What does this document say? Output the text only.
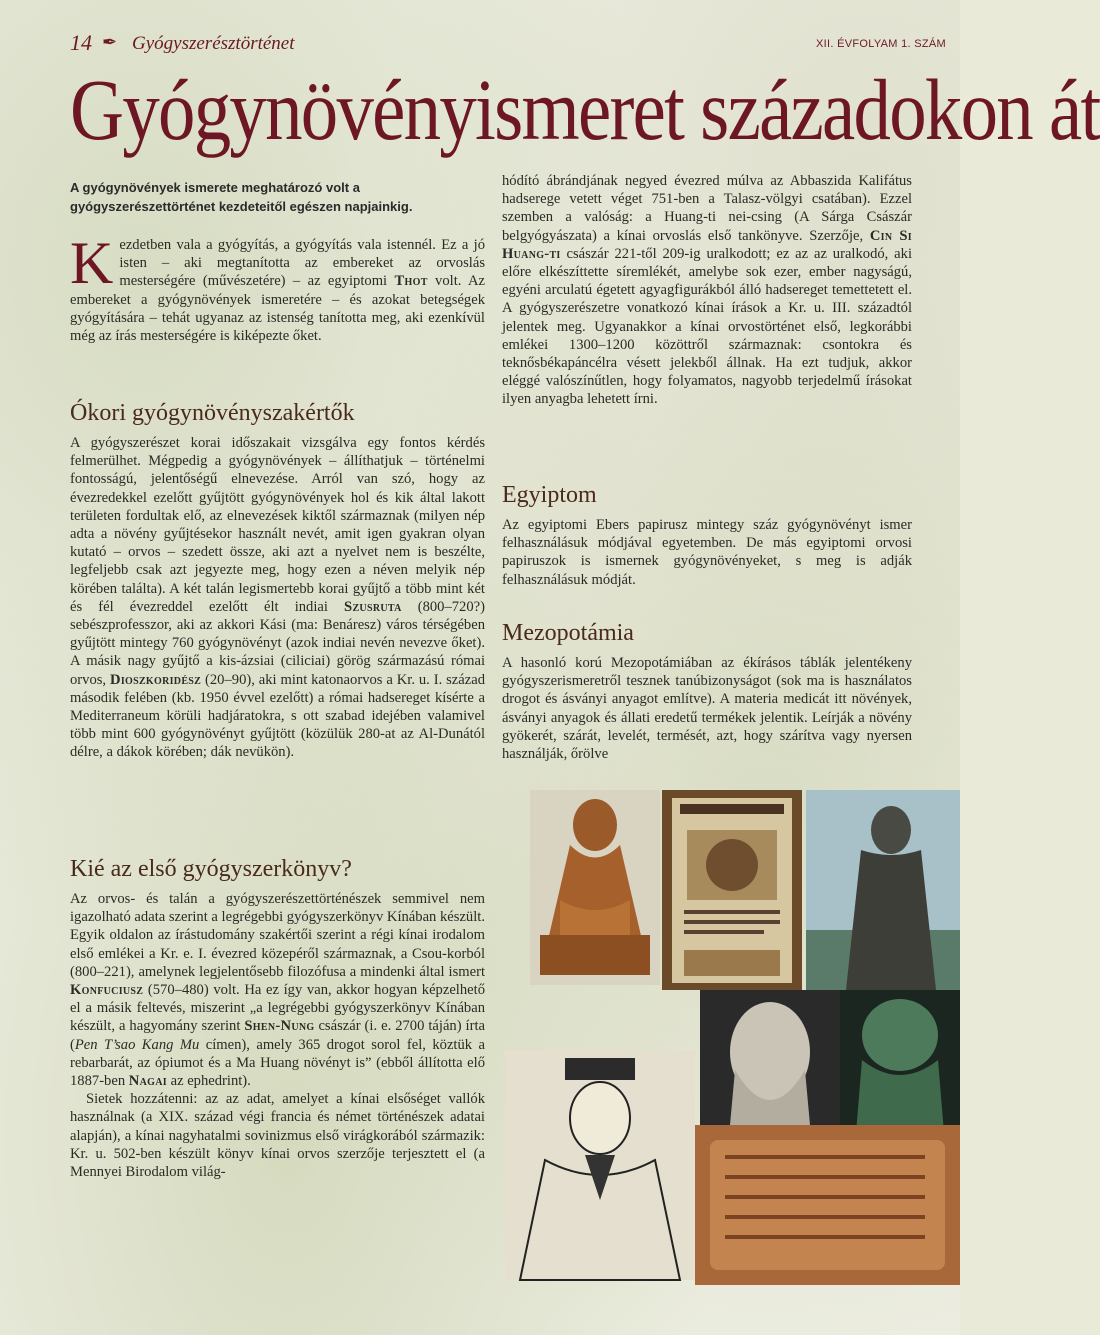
14 ✒ Gyógyszerésztörténet	XII. ÉVFOLYAM 1. SZÁM
Gyógynövényismeret századokon át
A gyógynövények ismerete meghatározó volt a gyógyszerészettörténet kezdeteitől egészen napjainkig.

Kezdetben vala a gyógyítás, a gyógyítás vala istennél. Ez a jó isten – aki megtanította az embereket az orvoslás mesterségére (művészetére) – az egyiptomi Thot volt. Az embereket a gyógynövények ismeretére – és azokat betegségek gyógyítására – tehát ugyanaz az istenség tanította meg, aki ezenkívül még az írás mesterségére is kiképezte őket.

Ókori gyógynövényszakértők

A gyógyszerészet korai időszakait vizsgálva egy fontos kérdés felmerülhet. Mégpedig a gyógynövények – állíthatjuk – történelmi fontosságú, jelentőségű elnevezése. Arról van szó, hogy az évezredekkel ezelőtt gyűjtött gyógynövények hol és kik által lakott területen fordultak elő, az elnevezések kiktől származnak (milyen nép adta a növény gyűjtésekor használt nevét, amit igen gyakran olyan kutató – orvos – szedett össze, aki azt a nyelvet nem is beszélte, legfeljebb csak azt jegyezte meg, hogy ezen a néven melyik nép körében találta). A két talán legismertebb korai gyűjtő a több mint két és fél évezreddel ezelőtt élt indiai Szusruta (800–720?) sebészprofesszor, aki az akkori Kási (ma: Benáresz) város térségében gyűjtött mintegy 760 gyógynövényt (azok indiai nevén nevezve őket). A másik nagy gyűjtő a kis-ázsiai (ciliciai) görög származású római orvos, Dioszkoridész (20–90), aki mint katonaorvos a Kr. u. I. század második felében (kb. 1950 évvel ezelőtt) a római hadsereget kísérte a Mediterraneum körüli hadjáratokra, s ott szabad idejében valamivel több mint 600 gyógynövényt gyűjtött (közülük 280-at az Al-Dunától délre, a dákok körében; dák nevükön).

Kié az első gyógyszerkönyv?

Az orvos- és talán a gyógyszerészettörténészek semmivel nem igazolható adata szerint a legrégebbi gyógyszerkönyv Kínában készült. Egyik oldalon az írástudomány szakértői szerint a régi kínai irodalom első emlékei a Kr. e. I. évezred közepéről származnak, a Csou-korból (800–221), amelynek legjelentősebb filozófusa a mindenki által ismert Konfuciusz (570–480) volt. Ha ez így van, akkor hogyan képzelhető el a másik feltevés, miszerint „a legrégebbi gyógyszerkönyv Kínában készült, a hagyomány szerint Shen-Nung császár (i. e. 2700 táján) írta (Pen T’sao Kang Mu címen), amely 365 drogot sorol fel, köztük a rebarbarát, az ópiumot és a Ma Huang növényt is” (ebből állította elő 1887-ben Nagai az ephedrint).

Sietek hozzátenni: az az adat, amelyet a kínai elsőséget vallók használnak (a XIX. század végi francia és német történészek adatai alapján), a kínai nagyhatalmi sovinizmus első virágkorából származik: Kr. u. 502-ben készült könyv kínai orvos szerzője terjesztett el (a Mennyei Birodalom világ-

hódító ábrándjának negyed évezred múlva az Abbaszida Kalifátus hadserege vetett véget 751-ben a Talasz-völgyi csatában). Ezzel szemben a valóság: a Huang-ti nei-csing (A Sárga Császár belgyógyászata) a kínai orvoslás első tankönyve. Szerzője, Cin Si Huang-ti császár 221-től 209-ig uralkodott; ez az az uralkodó, aki előre elkészíttette síremlékét, amelybe sok ezer, ember nagyságú, egyéni arculatú égetett agyagfigurákból álló hadsereget temettetett el. A gyógyszerészetre vonatkozó kínai írások a Kr. u. III. századtól jelentek meg. Ugyanakkor a kínai orvostörténet első, legkorábbi emlékei 1300–1200 közöttről származnak: csontokra és teknősbékapáncélra vésett jelekből állnak. Ha ezt tudjuk, akkor eléggé valószínűtlen, hogy folyamatos, nagyobb terjedelmű írásokat ilyen anyagba lehetett írni.

Egyiptom

Az egyiptomi Ebers papirusz mintegy száz gyógynövényt ismer felhasználásuk módjával egyetemben. De más egyiptomi orvosi papiruszok is ismernek gyógynövényeket, s meg is adják felhasználásuk módját.

Mezopotámia

A hasonló korú Mezopotámiában az ékírásos táblák jelentékeny gyógyszerismeretről tesznek tanúbizonyságot (sok ma is használatos drogot és ásványi anyagot említve). A materia medicát itt növények, ásványi anyagok és állati eredetű termékek jelentik. Leírják a növény gyökerét, szárát, levelét, termését, azt, hogy szárítva vagy nyersen használják, őrölve
